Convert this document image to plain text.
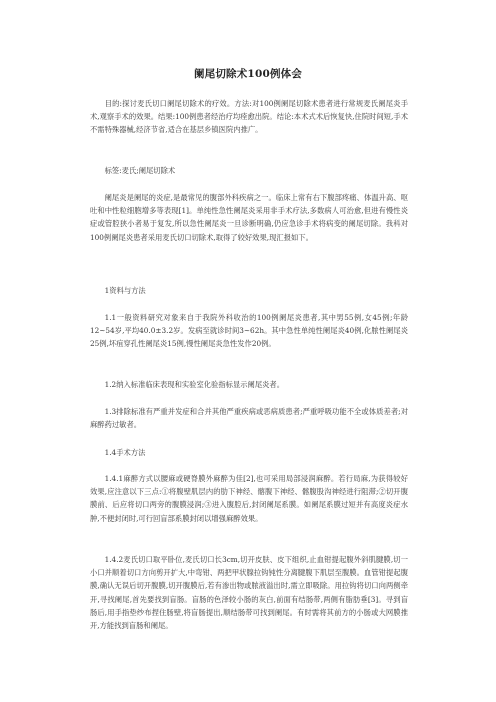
阑尾切除术100例体会

目的:探讨麦氏切口阑尾切除术的疗效。方法:对100例阑尾切除术患者进行常规麦氏阑尾炎手术,观察手术的效果。结果:100例患者经治疗均痊愈出院。结论:本术式术后恢复快,住院时间短,手术不需特殊器械,经济节省,适合在基层乡镇医院内推广。

标签:麦氏;阑尾切除术

阑尾炎是阑尾的炎症,是最常见的腹部外科疾病之一。临床上常有右下腹部疼痛、体温升高、呕吐和中性粒细胞增多等表现[1]。单纯性急性阑尾炎采用非手术疗法,多数病人可治愈,但进有慢性炎症或管腔狭小者易于复发,所以急性阑尾炎一旦诊断明确,仍应急诊手术将病变的阑尾切除。我科对100例阑尾炎患者采用麦氏切口切除术,取得了较好效果,现汇报如下。

1资料与方法

1.1一般资料研究对象来自于我院外科收治的100例阑尾炎患者,其中男55例,女45例;年龄12~54岁,平均40.0±3.2岁。发病至就诊时间3~62h。其中急性单纯性阑尾炎40例,化脓性阑尾炎25例,坏疽穿孔性阑尾炎15例,慢性阑尾炎急性发作20例。

1.2纳入标准临床表现和实验室化验指标显示阑尾炎者。

1.3排除标准有严重并发症和合并其他严重疾病或恶病质患者;严重呼吸功能不全或体质差者;对麻醉药过敏者。

1.4手术方法

1.4.1麻醉方式以腰麻或硬脊膜外麻醉为佳[2],也可采用局部浸润麻醉。若行局麻,为获得较好效果,应注意以下三点:①将腹壁肌层内的肋下神经、髂腹下神经、髂腹股沟神经进行阻滞;②切开腹膜前、后应将切口两旁的腹膜浸润;③进入腹腔后,封闭阑尾系膜。如阑尾系膜过短并有高度炎症水肿,不便封闭时,可行回盲部系膜封闭以增强麻醉效果。

1.4.2麦氏切口取平卧位,麦氏切口长3cm,切开皮肤、皮下组织,止血钳提起腹外斜肌腱膜,切一小口并顺着切口方向剪开扩大,中弯钳、两把甲状腺拉钩钝性分离腱腹下肌层至腹膜。血管钳提起腹膜,确认无误后切开腹膜,切开腹膜后,若有渗出物或脓液溢出时,需立即吸除。用拉钩将切口向两侧牵开,寻找阑尾,首先要找到盲肠。盲肠的色泽较小肠的灰白,前面有结肠带,两侧有脂肪垂[3]。寻到盲肠后,用手指垫纱布捏住肠壁,将盲肠提出,顺结肠带可找到阑尾。有时需将其前方的小肠或大网膜推开,方能找到盲肠和阑尾。
